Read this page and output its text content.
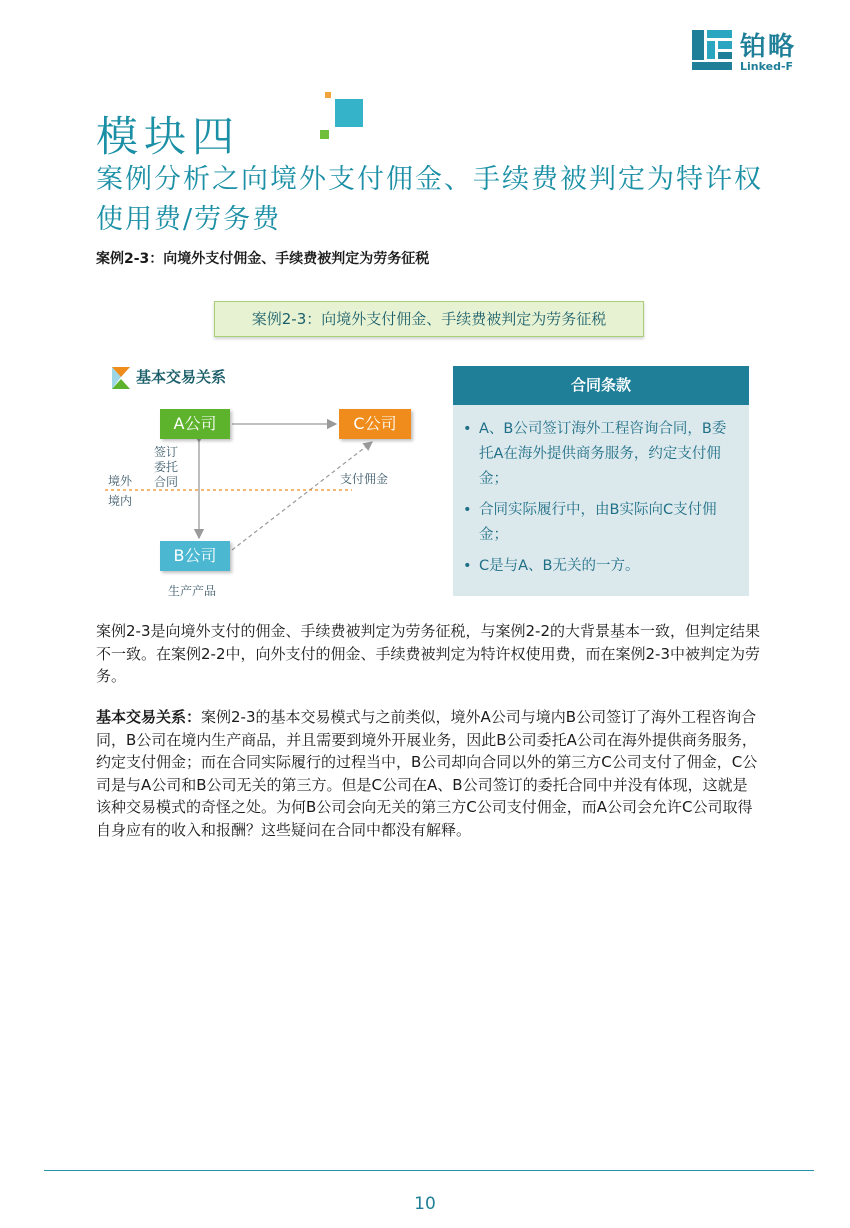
铂略
Linked-F
模块四
案例分析之向境外支付佣金、手续费被判定为特许权使用费/劳务费
案例2-3：向境外支付佣金、手续费被判定为劳务征税
案例2-3：向境外支付佣金、手续费被判定为劳务征税
基本交易关系
A公司	C公司
B公司
签订委托合同
境外
境内
支付佣金
生产产品
合同条款
• A、B公司签订海外工程咨询合同，B委托A在海外提供商务服务，约定支付佣金；
• 合同实际履行中，由B实际向C支付佣金；
• C是与A、B无关的一方。
案例2-3是向境外支付的佣金、手续费被判定为劳务征税，与案例2-2的大背景基本一致，但判定结果不一致。在案例2-2中，向外支付的佣金、手续费被判定为特许权使用费，而在案例2-3中被判定为劳务。
基本交易关系：案例2-3的基本交易模式与之前类似，境外A公司与境内B公司签订了海外工程咨询合同，B公司在境内生产商品，并且需要到境外开展业务，因此B公司委托A公司在海外提供商务服务，约定支付佣金；而在合同实际履行的过程当中，B公司却向合同以外的第三方C公司支付了佣金，C公司是与A公司和B公司无关的第三方。但是C公司在A、B公司签订的委托合同中并没有体现，这就是该种交易模式的奇怪之处。为何B公司会向无关的第三方C公司支付佣金，而A公司会允许C公司取得自身应有的收入和报酬？这些疑问在合同中都没有解释。
10
